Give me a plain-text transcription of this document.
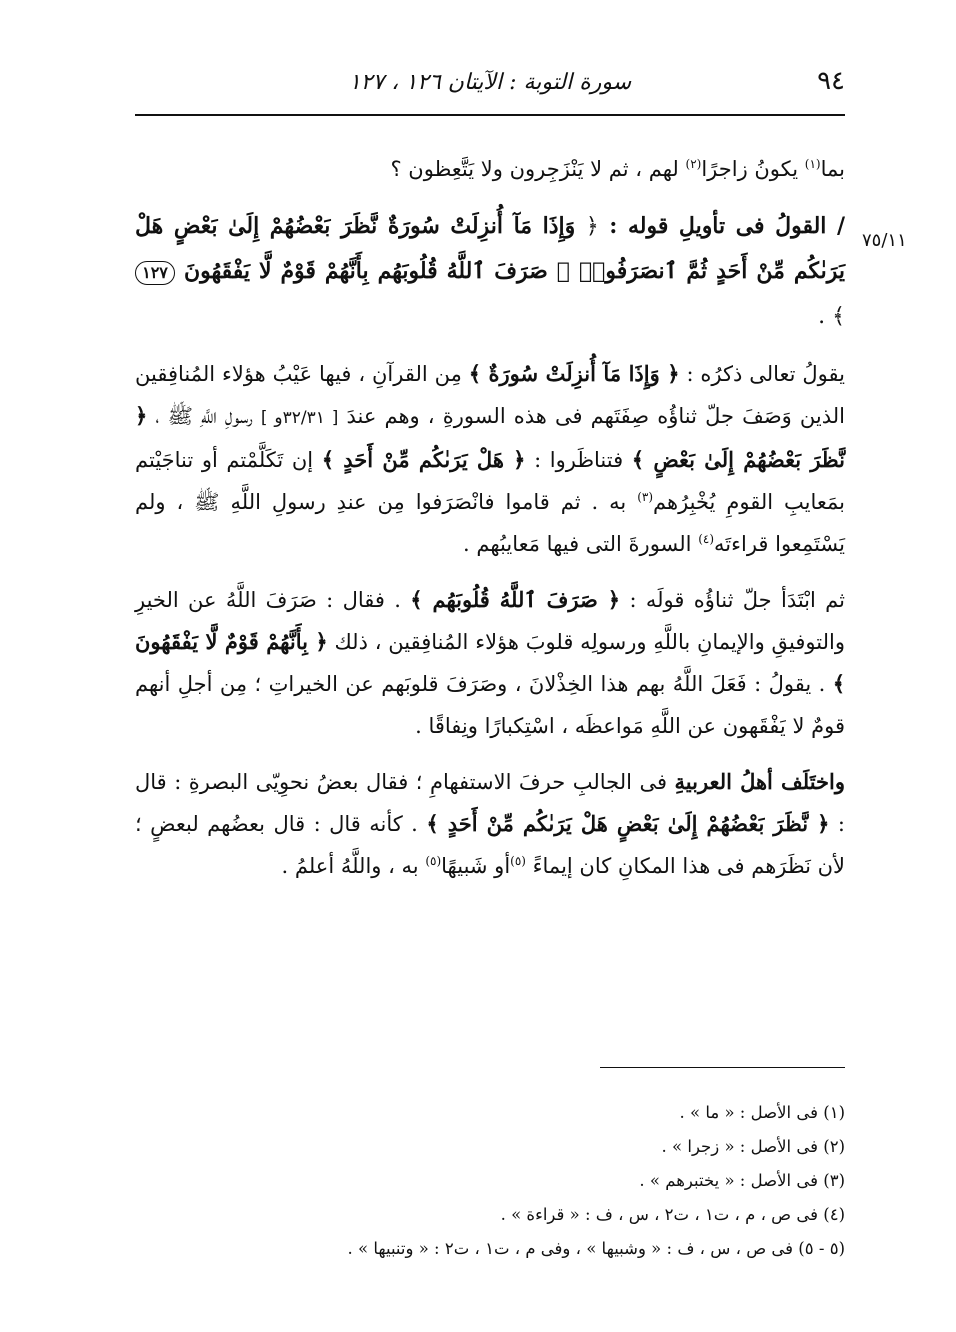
٩٤
سورة التوبة : الآيتان ١٢٦ ، ١٢٧
٧٥/١١

بما$^{(١)}$ يكونُ زاجرًا$^{(٢)}$ لهم ، ثم لا يَنْزَجِرون ولا يَتَّعِظون ؟

/ القولُ فى تأويلِ قوله : ﴿ وَإِذَا مَآ أُنزِلَتْ سُورَةٌ نَّظَرَ بَعْضُهُمْ إِلَىٰ بَعْضٍ هَلْ يَرَىٰكُم مِّنْ أَحَدٍ ثُمَّ ٱنصَرَفُوا۟ ۚ صَرَفَ ٱللَّهُ قُلُوبَهُم بِأَنَّهُمْ قَوْمٌ لَّا يَفْقَهُونَ ١٢٧ ﴾ .

يقولُ تعالى ذكرُه : ﴿ وَإِذَا مَآ أُنزِلَتْ سُورَةٌ ﴾ مِن القرآنِ ، فيها عَيْبُ هؤلاء المُنافِقين الذين وَصَفَ جلّ ثناؤُه صِفَتَهم فى هذه السورةِ ، وهم عندَ [ ٣٢/٣١و ] رسولِ اللَّهِ ﷺ ، ﴿ نَّظَرَ بَعْضُهُمْ إِلَىٰ بَعْضٍ ﴾ فتناظَروا : ﴿ هَلْ يَرَىٰكُم مِّنْ أَحَدٍ ﴾ إن تَكَلَّمْتم أو تناجَيْتم بمَعايبِ القومِ يُخْبِرُهم$^{(٣)}$ به . ثم قاموا فانْصَرَفوا مِن عندِ رسولِ اللَّهِ ﷺ ، ولم يَسْتَمِعوا قراءتَه$^{(٤)}$ السورةَ التى فيها مَعايبُهم .

ثم ابْتَدَأ جلّ ثناؤُه قولَه : ﴿ صَرَفَ ٱللَّهُ قُلُوبَهُم ﴾ . فقال : صَرَفَ اللَّهُ عن الخيرِ والتوفيقِ والإيمانِ باللَّهِ ورسولِه قلوبَ هؤلاء المُنافِقين ، ذلك ﴿ بِأَنَّهُمْ قَوْمٌ لَّا يَفْقَهُونَ ﴾ . يقولُ : فَعَلَ اللَّهُ بهم هذا الخِذْلانَ ، وصَرَفَ قلوبَهم عن الخيراتِ ؛ مِن أجلِ أنهم قومٌ لا يَفْقَهون عن اللَّهِ مَواعظَه ، اسْتِكبارًا ونِفاقًا .

واختَلَف أهلُ العربيةِ فى الجالبِ حرفَ الاستفهامِ ؛ فقال بعضُ نحوِيّى البصرةِ : قال : ﴿ نَّظَرَ بَعْضُهُمْ إِلَىٰ بَعْضٍ هَلْ يَرَىٰكُم مِّنْ أَحَدٍ ﴾ . كأنه قال : قال بعضُهم لبعضٍ ؛ لأن نَظَرَهم فى هذا المكانِ كان إيماءً $^{(٥)}$أو شَبيهًا$^{(٥)}$ به ، واللَّهُ أعلمُ .

(١) فى الأصل : « ما » .
(٢) فى الأصل : « زجرا » .
(٣) فى الأصل : « يختبرهم » .
(٤) فى ص ، م ، ت١ ، ت٢ ، س ، ف : « قراءة » .
(٥ - ٥) فى ص ، س ، ف : « وشبيها » ، وفى م ، ت١ ، ت٢ : « وتنبيها » .
